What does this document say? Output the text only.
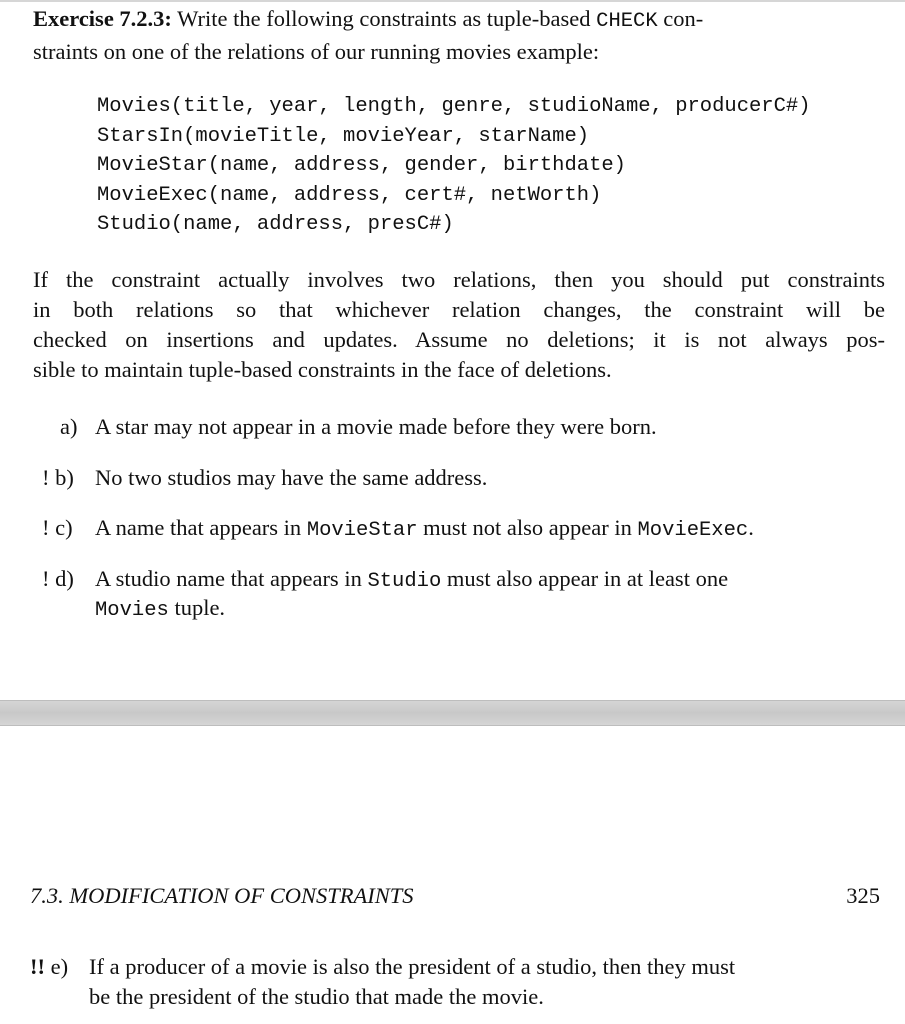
Exercise 7.2.3: Write the following constraints as tuple-based CHECK con-
straints on one of the relations of our running movies example:
Movies(title, year, length, genre, studioName, producerC#)
StarsIn(movieTitle, movieYear, starName)
MovieStar(name, address, gender, birthdate)
MovieExec(name, address, cert#, netWorth)
Studio(name, address, presC#)
If the constraint actually involves two relations, then you should put constraints
in both relations so that whichever relation changes, the constraint will be
checked on insertions and updates. Assume no deletions; it is not always pos-
sible to maintain tuple-based constraints in the face of deletions.
a) A star may not appear in a movie made before they were born.
! b) No two studios may have the same address.
! c) A name that appears in MovieStar must not also appear in MovieExec.
! d) A studio name that appears in Studio must also appear in at least one
Movies tuple.
7.3. MODIFICATION OF CONSTRAINTS	325
!! e) If a producer of a movie is also the president of a studio, then they must
be the president of the studio that made the movie.
